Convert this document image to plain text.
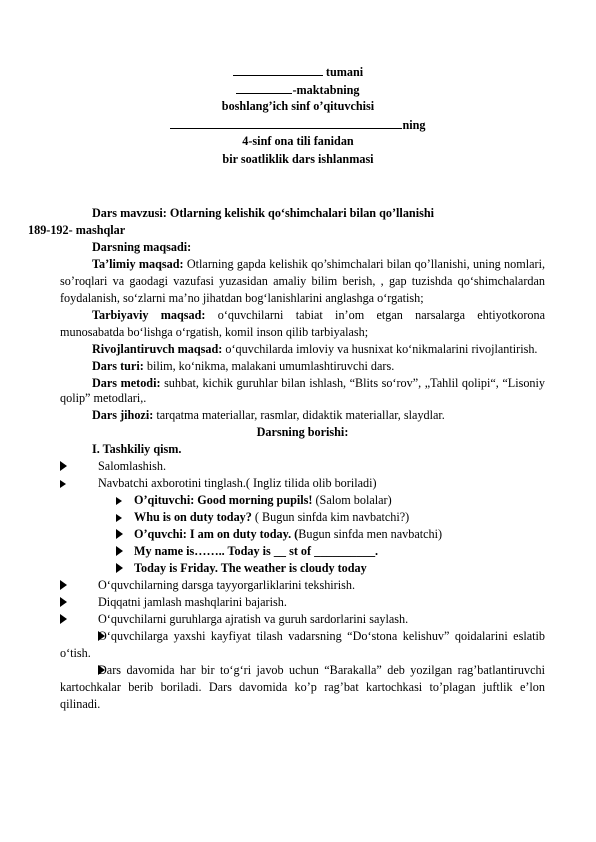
tumani
-maktabning
boshlang’ich sinf o’qituvchisi
ning
4-sinf ona tili fanidan
bir soatliklik dars ishlanmasi

Dars mavzusi: Otlarning kelishik qo‘shimchalari bilan qo’llanishi

189-192- mashqlar

Darsning maqsadi:

Ta’limiy maqsad: Otlarning gapda kelishik qo’shimchalari bilan qo’llanishi, uning nomlari, so’roqlari va gaodagi vazufasi yuzasidan amaliy bilim berish, , gap tuzishda qo‘shimchalardan foydalanish, so‘zlarni ma’no jihatdan bog‘lanishlarini anglashga o‘rgatish;

Tarbiyaviy maqsad: o‘quvchilarni tabiat in’om etgan narsalarga ehtiyotkorona munosabatda bo‘lishga o‘rgatish, komil inson qilib tarbiyalash;

Rivojlantiruvch maqsad: o‘quvchilarda imloviy va husnixat ko‘nikmalarini rivojlantirish.

Dars turi: bilim, ko‘nikma, malakani umumlashtiruvchi dars.

Dars metodi: suhbat, kichik guruhlar bilan ishlash, “Blits so‘rov”, „Tahlil qolipi“, “Lisoniy qolip” metodlari,.

Dars jihozi: tarqatma materiallar, rasmlar, didaktik materiallar, slaydlar.

Darsning borishi:

I. Tashkiliy qism.

Salomlashish.

Navbatchi axborotini tinglash.( Ingliz tilida olib boriladi)

O’qituvchi: Good morning pupils! (Salom bolalar)

Whu is on duty today? ( Bugun sinfda kim navbatchi?)

O’quvchi: I am on duty today. (Bugun sinfda men navbatchi)

My name is…….. Today is __ st of __________.

Today is Friday. The weather is cloudy today

O‘quvchilarning darsga tayyorgarliklarini tekshirish.

Diqqatni jamlash mashqlarini bajarish.

O‘quvchilarni guruhlarga ajratish va guruh sardorlarini saylash.

O‘quvchilarga yaxshi kayfiyat tilash vadarsning “Do‘stona kelishuv” qoidalarini eslatib o‘tish.

Dars davomida har bir to‘g‘ri javob uchun “Barakalla” deb yozilgan rag’batlantiruvchi kartochkalar berib boriladi. Dars davomida ko’p rag’bat kartochkasi to’plagan juftlik e’lon qilinadi.
